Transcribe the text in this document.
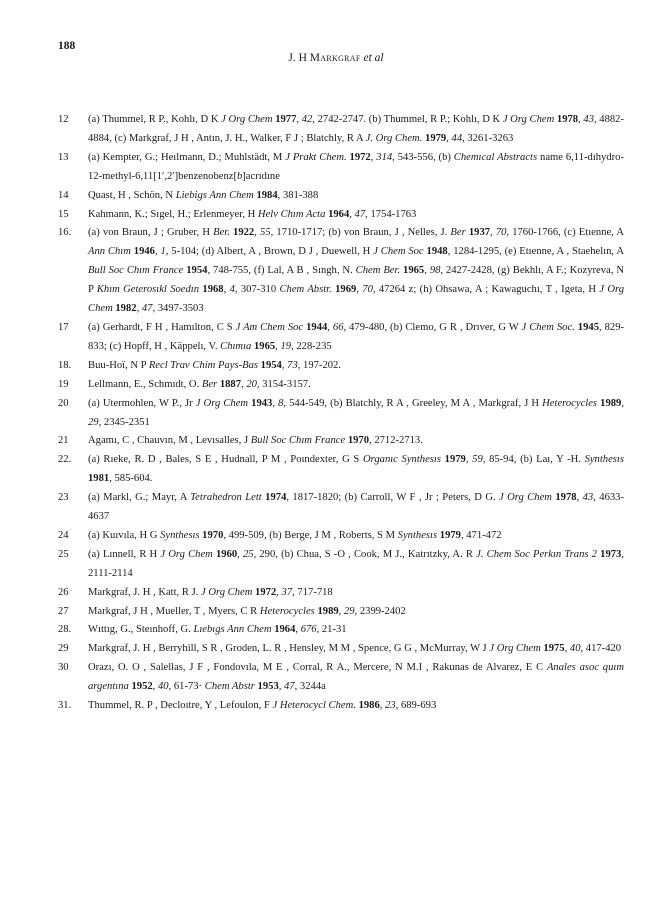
188
J. H Markgraf et al
12	(a) Thummel, R P., Kohlı, D K J Org Chem 1977, 42, 2742-2747. (b) Thummel, R P.; Kohlı, D K J Org Chem 1978, 43, 4882-4884, (c) Markgraf, J H , Antın, J. H., Walker, F J ; Blatchly, R A J. Org Chem. 1979, 44, 3261-3263
13	(a) Kempter, G.; Heılmann, D.; Muhlstädt, M J Prakt Chem. 1972, 314, 543-556, (b) Chemıcal Abstracts name 6,11-dıhydro-12-methyl-6,11[1′,2′]benzenobenz[b]acrıdıne
14	Quast, H , Schön, N Liebigs Ann Chem 1984, 381-388
15	Kahmann, K.; Sıgel, H.; Erlenmeyer, H Helv Chım Acta 1964, 47, 1754-1763
16.	(a) von Braun, J ; Gruber, H Ber. 1922, 55, 1710-1717; (b) von Braun, J , Nelles, J. Ber 1937, 70, 1760-1766, (c) Etıenne, A Ann Chım 1946, 1, 5-104; (d) Albert, A , Brown, D J , Duewell, H J Chem Soc 1948, 1284-1295, (e) Etıenne, A , Staehelın, A Bull Soc Chım France 1954, 748-755, (f) Lal, A B , Sıngh, N. Chem Ber. 1965, 98, 2427-2428, (g) Bekhlı, A F.; Kozyreva, N P Khım Geterosıkl Soedın 1968, 4, 307-310 Chem Abstr. 1969, 70, 47264 z; (h) Ohsawa, A ; Kawaguchı, T , Igeta, H J Org Chem 1982, 47, 3497-3503
17	(a) Gerhardt, F H , Hamılton, C S J Am Chem Soc 1944, 66, 479-480, (b) Clemo, G R , Drıver, G W J Chem Soc. 1945, 829-833; (c) Hopff, H , Käppelı, V. Chımıa 1965, 19, 228-235
18.	Buu-Hoï, N P Recl Trav Chim Pays-Bas 1954, 73, 197-202.
19	Lellmann, E., Schmıdt, O. Ber 1887, 20, 3154-3157.
20	(a) Utermohlen, W P., Jr J Org Chem 1943, 8, 544-549, (b) Blatchly, R A , Greeley, M A , Markgraf, J H Heterocycles 1989, 29, 2345-2351
21	Agamı, C , Chauvın, M , Levısalles, J Bull Soc Chım France 1970, 2712-2713.
22.	(a) Rıeke, R. D , Bales, S E , Hudnall, P M , Poındexter, G S Organıc Synthesıs 1979, 59, 85-94, (b) Laı, Y -H. Synthesıs 1981, 585-604.
23	(a) Markl, G.; Mayr, A Tetrahedron Lett 1974, 1817-1820; (b) Carroll, W F , Jr ; Peters, D G. J Org Chem 1978, 43, 4633-4637
24	(a) Kuıvıla, H G Synthesıs 1970, 499-509, (b) Berge, J M , Roberts, S M Synthesıs 1979, 471-472
25	(a) Lınnell, R H J Org Chem 1960, 25, 290, (b) Chua, S -O , Cook, M J., Katrıtzky, A. R J. Chem Soc Perkın Trans 2 1973, 2111-2114
26	Markgraf, J. H , Katt, R J. J Org Chem 1972, 37, 717-718
27	Markgraf, J H , Mueller, T , Myers, C R Heterocycles 1989, 29, 2399-2402
28.	Wıttıg, G., Steınhoff, G. Lıebıgs Ann Chem 1964, 676, 21-31
29	Markgraf, J. H , Berryhill, S R , Groden, L. R , Hensley, M M , Spence, G G , McMurray, W J J Org Chem 1975, 40, 417-420
30	Orazı, O. O , Salellas, J F , Fondovıla, M E , Corral, R A., Mercere, N M.I , Rakunas de Alvarez, E C Anales asoc quım argentına 1952, 40, 61-73· Chem Abstr 1953, 47, 3244a
31.	Thummel, R. P , Decloıtre, Y , Lefoulon, F J Heterocycl Chem. 1986, 23, 689-693
